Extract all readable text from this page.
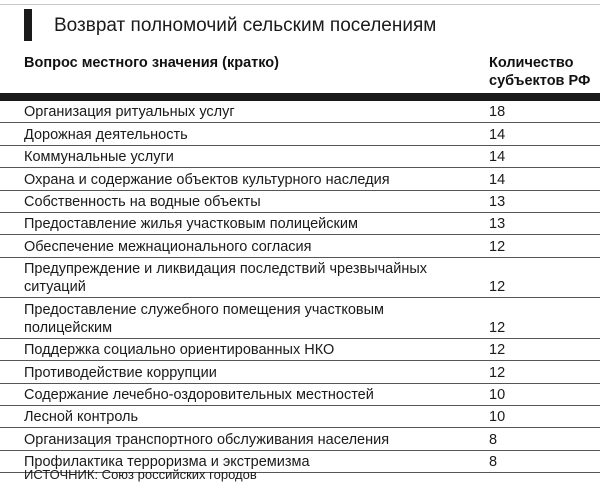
Возврат полномочий сельским поселениям
Вопрос местного значения (кратко)	Количество субъектов РФ
Организация ритуальных услуг	18
Дорожная деятельность	14
Коммунальные услуги	14
Охрана и содержание объектов культурного наследия	14
Собственность на водные объекты	13
Предоставление жилья участковым полицейским	13
Обеспечение межнационального согласия	12
Предупреждение и ликвидация последствий чрезвычайных ситуаций	12
Предоставление служебного помещения участковым полицейским	12
Поддержка социально ориентированных НКО	12
Противодействие коррупции	12
Содержание лечебно-оздоровительных местностей	10
Лесной контроль	10
Организация транспортного обслуживания населения	8
Профилактика терроризма и экстремизма	8
ИСТОЧНИК: Союз российских городов
